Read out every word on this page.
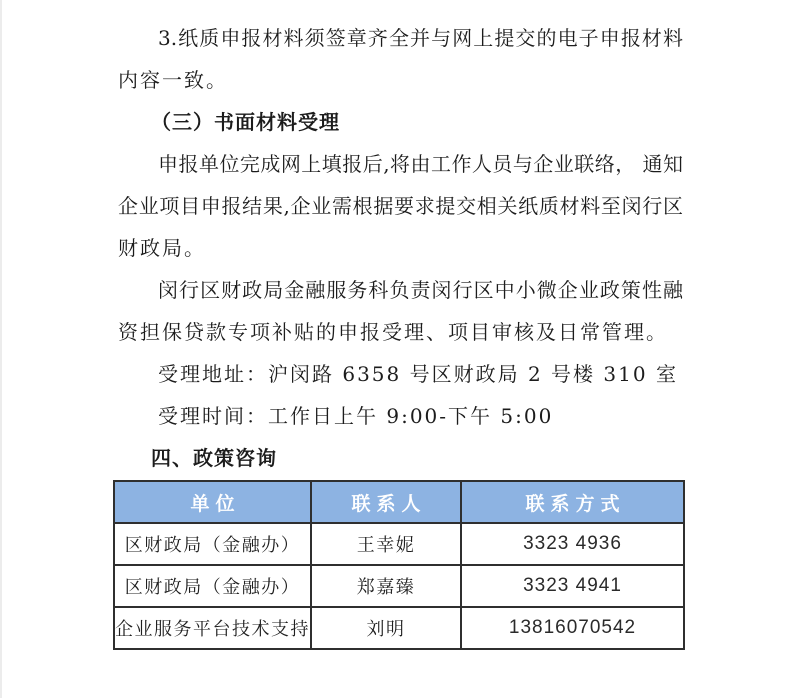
3.纸质申报材料须签章齐全并与网上提交的电子申报材料
内容一致。
（三）书面材料受理
申报单位完成网上填报后,将由工作人员与企业联络， 通知
企业项目申报结果,企业需根据要求提交相关纸质材料至闵行区
财政局。
闵行区财政局金融服务科负责闵行区中小微企业政策性融
资担保贷款专项补贴的申报受理、项目审核及日常管理。
受理地址：沪闵路 6358 号区财政局 2 号楼 310 室
受理时间：工作日上午 9:00-下午 5:00
四、政策咨询
单位	联系人	联系方式
区财政局（金融办）	王幸妮	3323 4936
区财政局（金融办）	郑嘉臻	3323 4941
企业服务平台技术支持	刘明	13816070542
